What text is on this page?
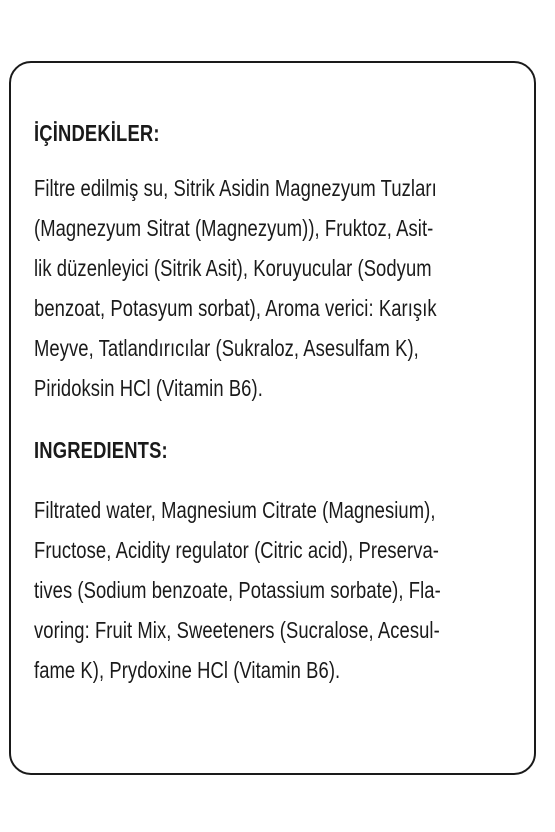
İÇİNDEKİLER:

Filtre edilmiş su, Sitrik Asidin Magnezyum Tuzları

(Magnezyum Sitrat (Magnezyum)), Fruktoz, Asit-

lik düzenleyici (Sitrik Asit), Koruyucular (Sodyum

benzoat, Potasyum sorbat), Aroma verici: Karışık

Meyve, Tatlandırıcılar (Sukraloz, Asesulfam K),

Piridoksin HCl (Vitamin B6).

INGREDIENTS:

Filtrated water, Magnesium Citrate (Magnesium),

Fructose, Acidity regulator (Citric acid), Preserva-

tives (Sodium benzoate, Potassium sorbate), Fla-

voring: Fruit Mix, Sweeteners (Sucralose, Acesul-

fame K), Prydoxine HCl (Vitamin B6).
